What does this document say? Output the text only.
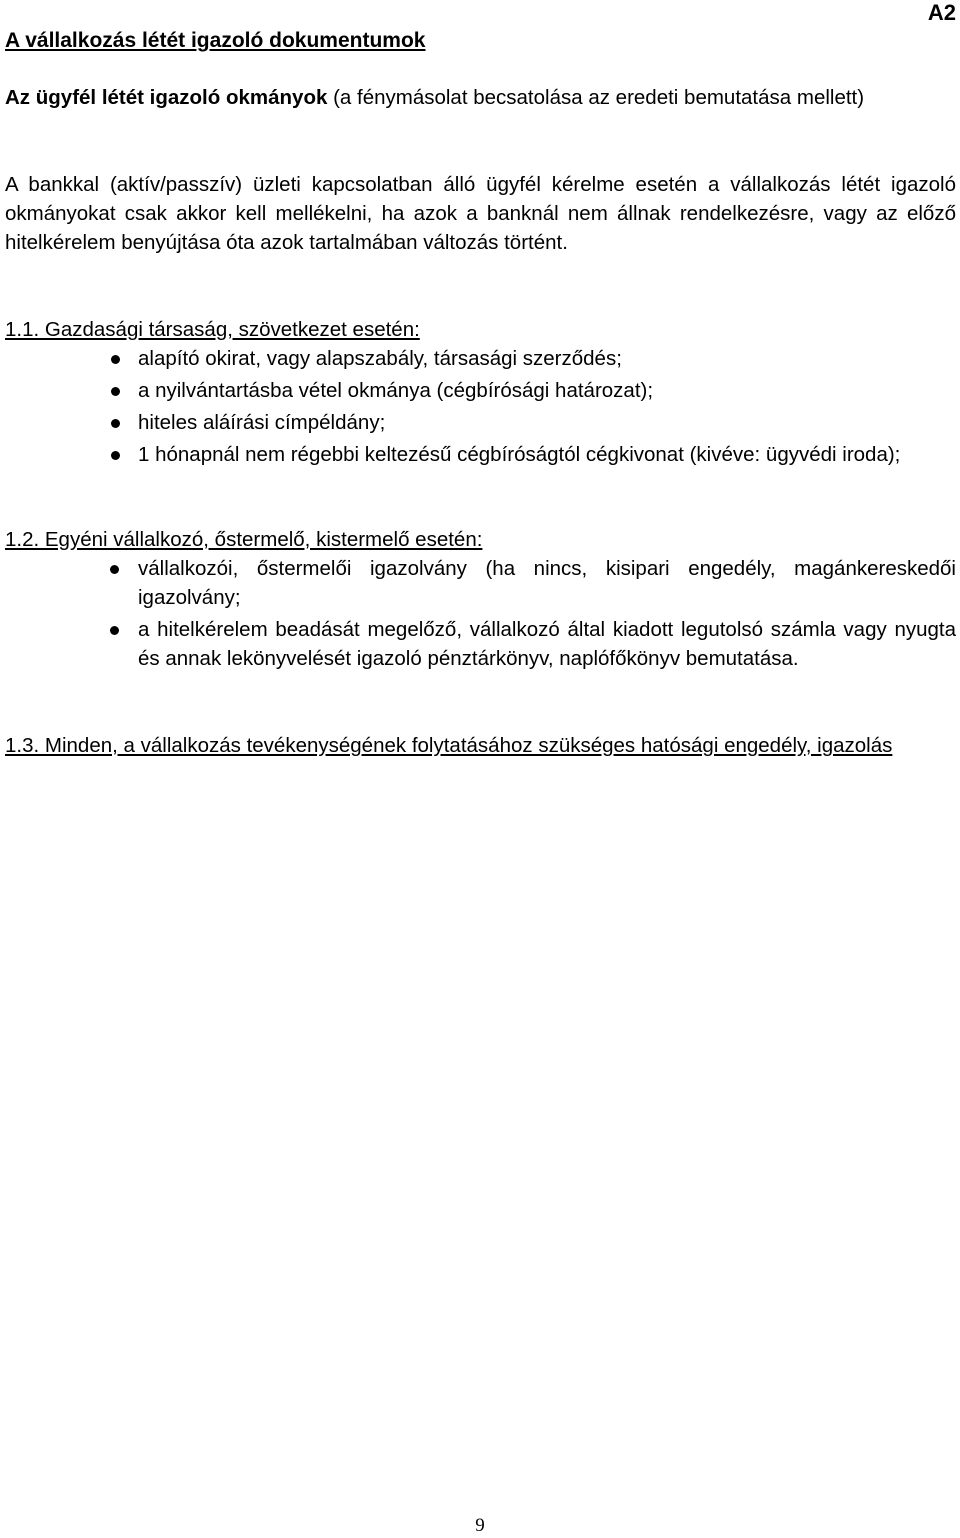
A2
A vállalkozás létét igazoló dokumentumok

Az ügyfél létét igazoló okmányok (a fénymásolat becsatolása az eredeti bemutatása mellett)

A bankkal (aktív/passzív) üzleti kapcsolatban álló ügyfél kérelme esetén a vállalkozás létét igazoló okmányokat csak akkor kell mellékelni, ha azok a banknál nem állnak rendelkezésre, vagy az előző hitelkérelem benyújtása óta azok tartalmában változás történt.

1.1. Gazdasági társaság, szövetkezet esetén:
alapító okirat, vagy alapszabály, társasági szerződés;
a nyilvántartásba vétel okmánya (cégbírósági határozat);
hiteles aláírási címpéldány;
1 hónapnál nem régebbi keltezésű cégbíróságtól cégkivonat (kivéve: ügyvédi iroda);
1.2. Egyéni vállalkozó, őstermelő, kistermelő esetén:
vállalkozói, őstermelői igazolvány (ha nincs, kisipari engedély, magánkereskedői igazolvány;
a hitelkérelem beadását megelőző, vállalkozó által kiadott legutolsó számla vagy nyugta és annak lekönyvelését igazoló pénztárkönyv, naplófőkönyv bemutatása.
1.3. Minden, a vállalkozás tevékenységének folytatásához szükséges hatósági engedély, igazolás
9
